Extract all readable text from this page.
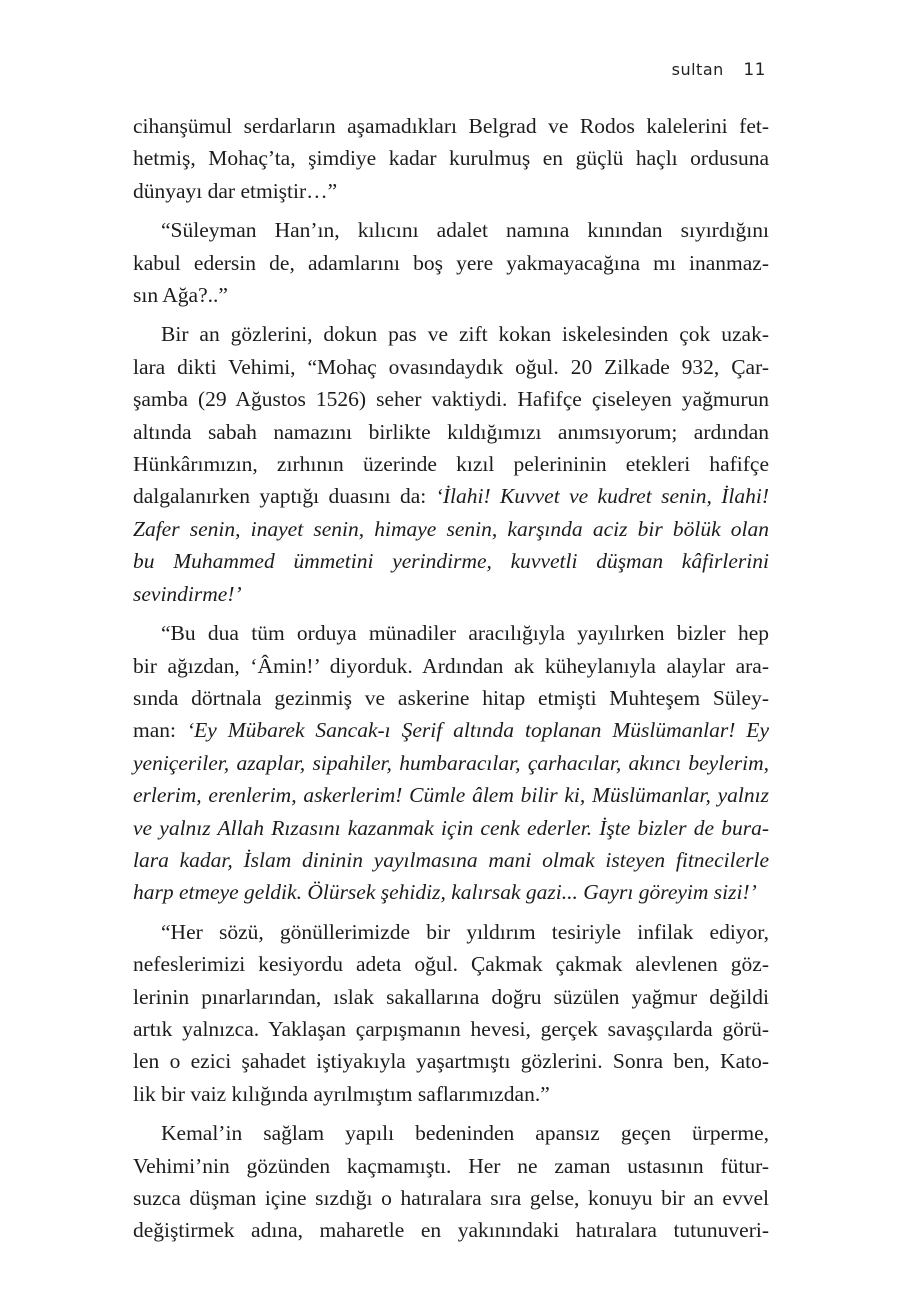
sultan 11
cihanşümul serdarların aşamadıkları Belgrad ve Rodos kalelerini fet-
hetmiş, Mohaç’ta, şimdiye kadar kurulmuş en güçlü haçlı ordusuna
dünyayı dar etmiştir…”
“Süleyman Han’ın, kılıcını adalet namına kınından sıyırdığını
kabul edersin de, adamlarını boş yere yakmayacağına mı inanmaz-
sın Ağa?..”
Bir an gözlerini, dokun pas ve zift kokan iskelesinden çok uzak-
lara dikti Vehimi, “Mohaç ovasındaydık oğul. 20 Zilkade 932, Çar-
şamba (29 Ağustos 1526) seher vaktiydi. Hafifçe çiseleyen yağmurun
altında sabah namazını birlikte kıldığımızı anımsıyorum; ardından
Hünkârımızın, zırhının üzerinde kızıl pelerininin etekleri hafifçe
dalgalanırken yaptığı duasını da: ‘İlahi! Kuvvet ve kudret senin, İlahi!
Zafer senin, inayet senin, himaye senin, karşında aciz bir bölük olan
bu Muhammed ümmetini yerindirme, kuvvetli düşman kâfirlerini
sevindirme!’
“Bu dua tüm orduya münadiler aracılığıyla yayılırken bizler hep
bir ağızdan, ‘Âmin!’ diyorduk. Ardından ak küheylanıyla alaylar ara-
sında dörtnala gezinmiş ve askerine hitap etmişti Muhteşem Süley-
man: ‘Ey Mübarek Sancak-ı Şerif altında toplanan Müslümanlar! Ey
yeniçeriler, azaplar, sipahiler, humbaracılar, çarhacılar, akıncı beylerim,
erlerim, erenlerim, askerlerim! Cümle âlem bilir ki, Müslümanlar, yalnız
ve yalnız Allah Rızasını kazanmak için cenk ederler. İşte bizler de bura-
lara kadar, İslam dininin yayılmasına mani olmak isteyen fitnecilerle
harp etmeye geldik. Ölürsek şehidiz, kalırsak gazi... Gayrı göreyim sizi!’
“Her sözü, gönüllerimizde bir yıldırım tesiriyle infilak ediyor,
nefeslerimizi kesiyordu adeta oğul. Çakmak çakmak alevlenen göz-
lerinin pınarlarından, ıslak sakallarına doğru süzülen yağmur değildi
artık yalnızca. Yaklaşan çarpışmanın hevesi, gerçek savaşçılarda görü-
len o ezici şahadet iştiyakıyla yaşartmıştı gözlerini. Sonra ben, Kato-
lik bir vaiz kılığında ayrılmıştım saflarımızdan.”
Kemal’in sağlam yapılı bedeninden apansız geçen ürperme,
Vehimi’nin gözünden kaçmamıştı. Her ne zaman ustasının fütur-
suzca düşman içine sızdığı o hatıralara sıra gelse, konuyu bir an evvel
değiştirmek adına, maharetle en yakınındaki hatıralara tutunuveri-
